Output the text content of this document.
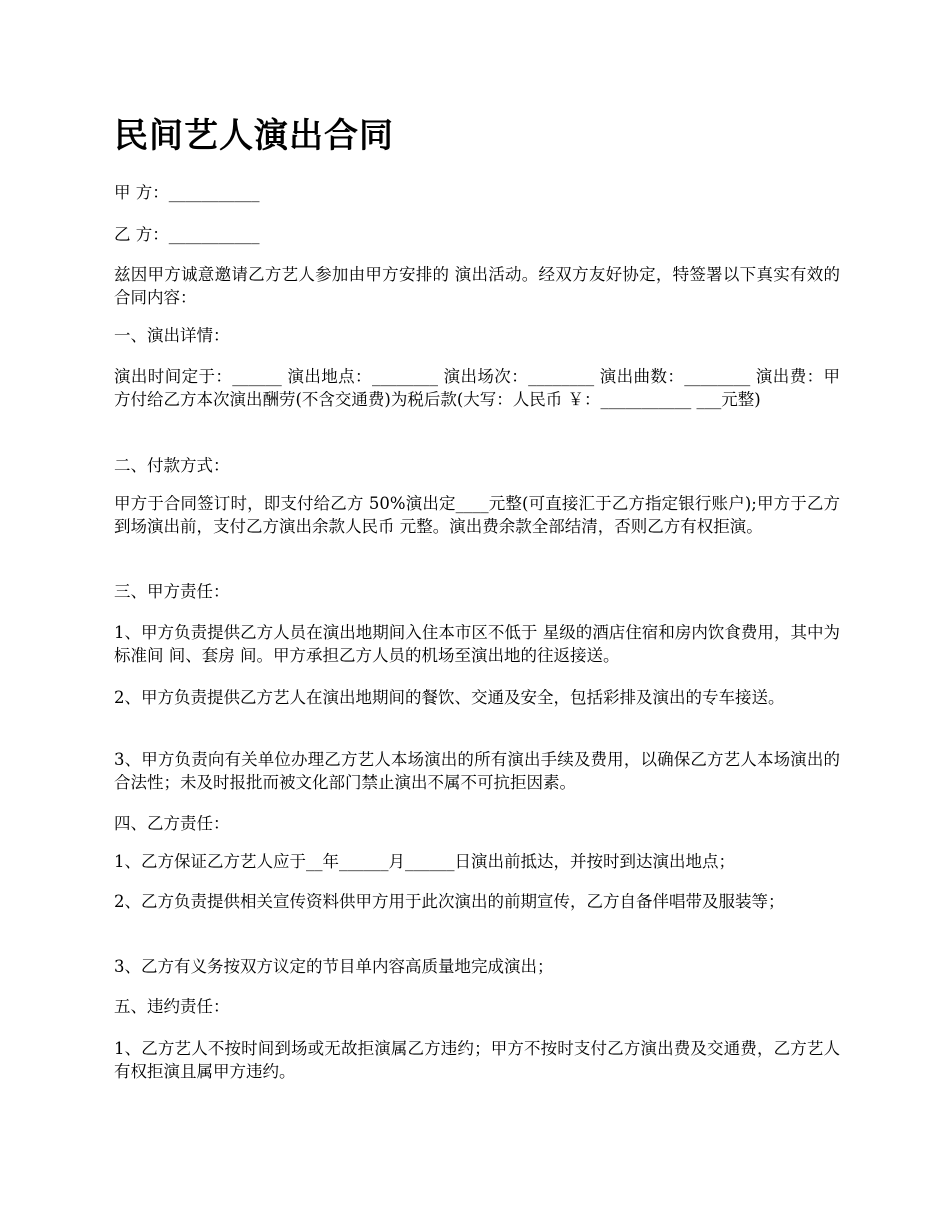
民间艺人演出合同

甲 方：___________

乙 方：___________

兹因甲方诚意邀请乙方艺人参加由甲方安排的 演出活动。经双方友好协定，特签署以下真实有效的合同内容：

一、演出详情：

演出时间定于：______ 演出地点：________ 演出场次：________ 演出曲数：________ 演出费：甲方付给乙方本次演出酬劳(不含交通费)为税后款(大写：人民币 ￥：___________ ___元整)

二、付款方式：

甲方于合同签订时，即支付给乙方 50%演出定____元整(可直接汇于乙方指定银行账户);甲方于乙方到场演出前，支付乙方演出余款人民币 元整。演出费余款全部结清，否则乙方有权拒演。

三、甲方责任：

1、甲方负责提供乙方人员在演出地期间入住本市区不低于 星级的酒店住宿和房内饮食费用，其中为标准间 间、套房 间。甲方承担乙方人员的机场至演出地的往返接送。

2、甲方负责提供乙方艺人在演出地期间的餐饮、交通及安全，包括彩排及演出的专车接送。

3、甲方负责向有关单位办理乙方艺人本场演出的所有演出手续及费用，以确保乙方艺人本场演出的合法性；未及时报批而被文化部门禁止演出不属不可抗拒因素。

四、乙方责任：

1、乙方保证乙方艺人应于__年______月______日演出前抵达，并按时到达演出地点；

2、乙方负责提供相关宣传资料供甲方用于此次演出的前期宣传，乙方自备伴唱带及服装等；

3、乙方有义务按双方议定的节目单内容高质量地完成演出；

五、违约责任：

1、乙方艺人不按时间到场或无故拒演属乙方违约；甲方不按时支付乙方演出费及交通费，乙方艺人有权拒演且属甲方违约。
